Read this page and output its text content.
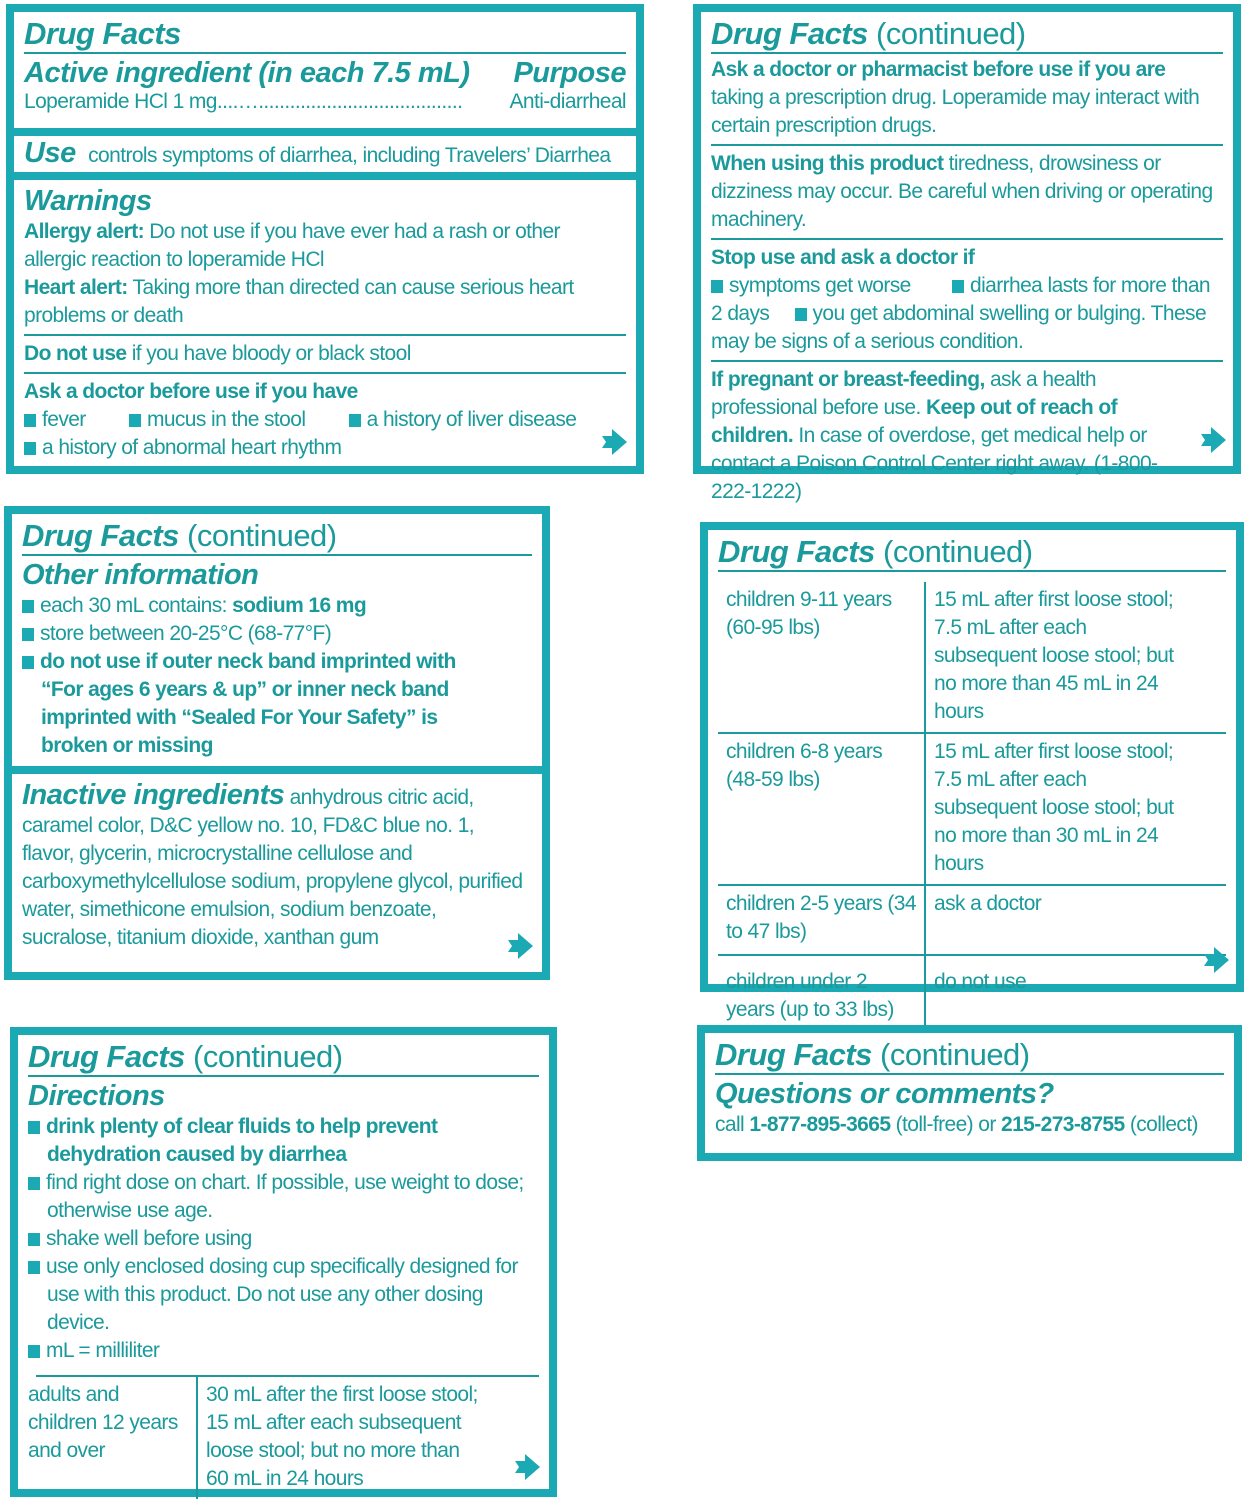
Drug Facts
Active ingredient (in each 7.5 mL) Purpose
Loperamide HCl 1 mg ....….......................................	Anti-diarrheal
Use controls symptoms of diarrhea, including Travelers’ Diarrhea
Warnings
Allergy alert: Do not use if you have ever had a rash or other allergic reaction to loperamide HCl
Heart alert: Taking more than directed can cause serious heart problems or death
Do not use if you have bloody or black stool
Ask a doctor before use if you have
fever	mucus in the stool	a history of liver disease
a history of abnormal heart rhythm
Drug Facts (continued)
Ask a doctor or pharmacist before use if you are
taking a prescription drug. Loperamide may interact with certain prescription drugs.
When using this product tiredness, drowsiness or dizziness may occur. Be careful when driving or operating machinery.
Stop use and ask a doctor if
symptoms get worse	diarrhea lasts for more than 2 days you get abdominal swelling or bulging. These may be signs of a serious condition.
If pregnant or breast-feeding, ask a health professional before use. Keep out of reach of children. In case of overdose, get medical help or contact a Poison Control Center right away. (1-800-222-1222)
Drug Facts (continued)
Other information
each 30 mL contains: sodium 16 mg
store between 20-25°C (68-77°F)
do not use if outer neck band imprinted with “For ages 6 years & up” or inner neck band imprinted with “Sealed For Your Safety” is broken or missing
Inactive ingredients anhydrous citric acid, caramel color, D&C yellow no. 10, FD&C blue no. 1, flavor, glycerin, microcrystalline cellulose and carboxymethylcellulose sodium, propylene glycol, purified water, simethicone emulsion, sodium benzoate, sucralose, titanium dioxide, xanthan gum
Drug Facts (continued)
children 9-11 years (60-95 lbs)	15 mL after first loose stool; 7.5 mL after each subsequent loose stool; but no more than 45 mL in 24 hours
children 6-8 years (48-59 lbs)	15 mL after first loose stool; 7.5 mL after each subsequent loose stool; but no more than 30 mL in 24 hours
children 2-5 years (34 to 47 lbs)	ask a doctor
children under 2 years (up to 33 lbs)	do not use
Drug Facts (continued)
Directions
drink plenty of clear fluids to help prevent dehydration caused by diarrhea
find right dose on chart. If possible, use weight to dose; otherwise use age.
shake well before using
use only enclosed dosing cup specifically designed for use with this product. Do not use any other dosing device.
mL = milliliter
adults and children 12 years and over	30 mL after the first loose stool; 15 mL after each subsequent loose stool; but no more than 60 mL in 24 hours
Drug Facts (continued)
Questions or comments?
call 1-877-895-3665 (toll-free) or 215-273-8755 (collect)
